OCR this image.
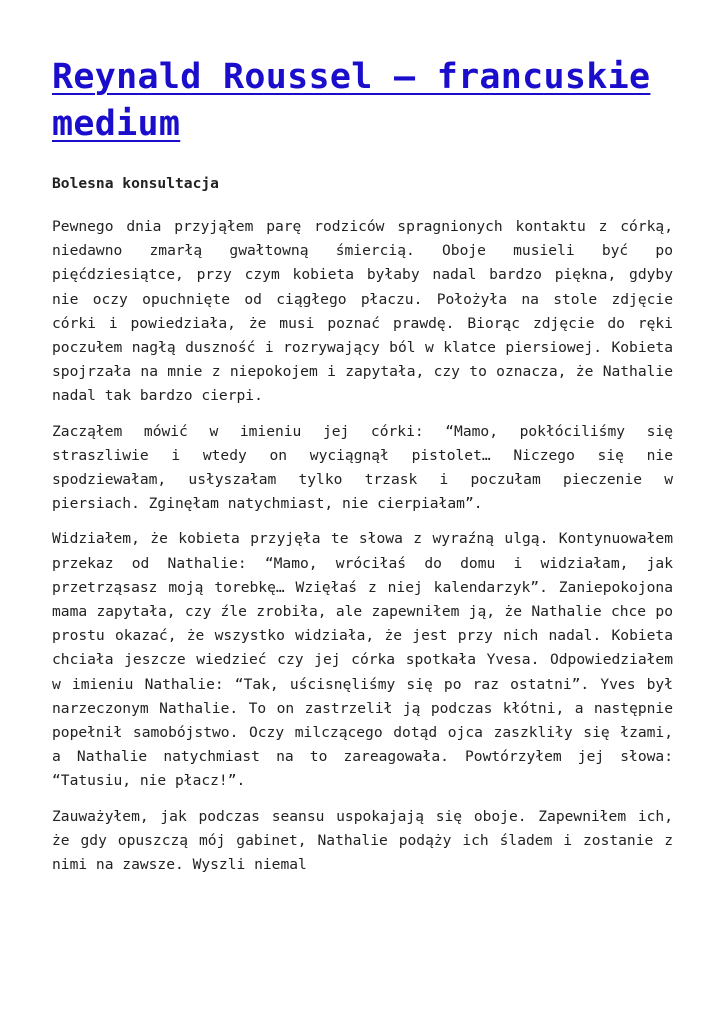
Reynald Roussel – francuskie medium

Bolesna konsultacja

Pewnego dnia przyjąłem parę rodziców spragnionych kontaktu z córką, niedawno zmarłą gwałtowną śmiercią. Oboje musieli być po pięćdziesiątce, przy czym kobieta byłaby nadal bardzo piękna, gdyby nie oczy opuchnięte od ciągłego płaczu. Położyła na stole zdjęcie córki i powiedziała, że musi poznać prawdę. Biorąc zdjęcie do ręki poczułem nagłą duszność i rozrywający ból w klatce piersiowej. Kobieta spojrzała na mnie z niepokojem i zapytała, czy to oznacza, że Nathalie nadal tak bardzo cierpi.

Zacząłem mówić w imieniu jej córki: “Mamo, pokłóciliśmy się straszliwie i wtedy on wyciągnął pistolet… Niczego się nie spodziewałam, usłyszałam tylko trzask i poczułam pieczenie w piersiach. Zginęłam natychmiast, nie cierpiałam”.

Widziałem, że kobieta przyjęła te słowa z wyraźną ulgą. Kontynuowałem przekaz od Nathalie: “Mamo, wróciłaś do domu i widziałam, jak przetrząsasz moją torebkę… Wzięłaś z niej kalendarzyk”. Zaniepokojona mama zapytała, czy źle zrobiła, ale zapewniłem ją, że Nathalie chce po prostu okazać, że wszystko widziała, że jest przy nich nadal. Kobieta chciała jeszcze wiedzieć czy jej córka spotkała Yvesa. Odpowiedziałem w imieniu Nathalie: “Tak, uścisnęliśmy się po raz ostatni”. Yves był narzeczonym Nathalie. To on zastrzelił ją podczas kłótni, a następnie popełnił samobójstwo. Oczy milczącego dotąd ojca zaszkliły się łzami, a Nathalie natychmiast na to zareagowała. Powtórzyłem jej słowa: “Tatusiu, nie płacz!”.

Zauważyłem, jak podczas seansu uspokajają się oboje. Zapewniłem ich, że gdy opuszczą mój gabinet, Nathalie podąży ich śladem i zostanie z nimi na zawsze. Wyszli niemal
